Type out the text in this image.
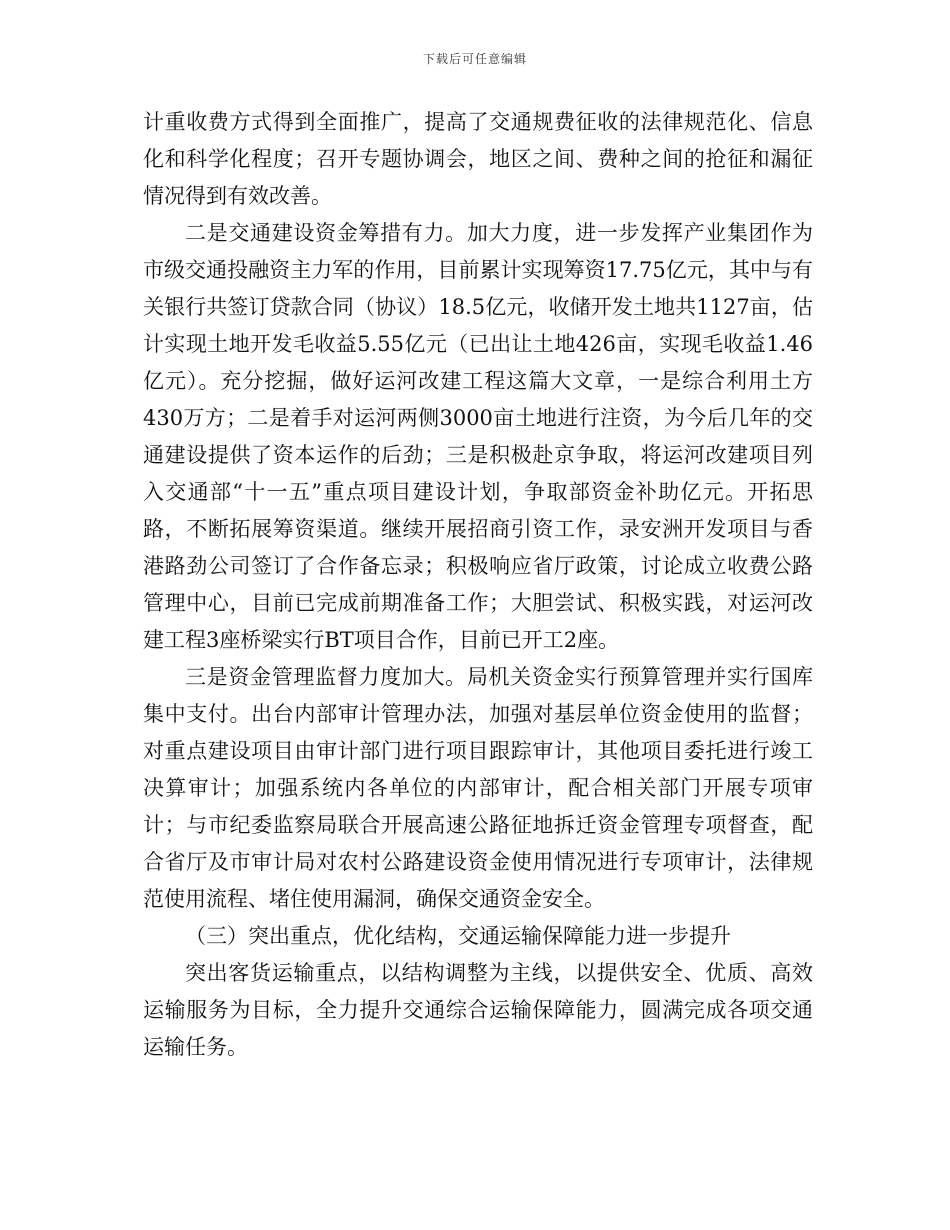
下载后可任意编辑

计重收费方式得到全面推广，提高了交通规费征收的法律规范化、信息化和科学化程度；召开专题协调会，地区之间、费种之间的抢征和漏征情况得到有效改善。

二是交通建设资金筹措有力。加大力度，进一步发挥产业集团作为市级交通投融资主力军的作用，目前累计实现筹资17.75亿元，其中与有关银行共签订贷款合同（协议）18.5亿元，收储开发土地共1127亩，估计实现土地开发毛收益5.55亿元（已出让土地426亩，实现毛收益1.46亿元）。充分挖掘，做好运河改建工程这篇大文章，一是综合利用土方430万方；二是着手对运河两侧3000亩土地进行注资，为今后几年的交通建设提供了资本运作的后劲；三是积极赴京争取，将运河改建项目列入交通部“十一五”重点项目建设计划，争取部资金补助亿元。开拓思路，不断拓展筹资渠道。继续开展招商引资工作，录安洲开发项目与香港路劲公司签订了合作备忘录；积极响应省厅政策，讨论成立收费公路管理中心，目前已完成前期准备工作；大胆尝试、积极实践，对运河改建工程3座桥梁实行BT项目合作，目前已开工2座。

三是资金管理监督力度加大。局机关资金实行预算管理并实行国库集中支付。出台内部审计管理办法，加强对基层单位资金使用的监督；对重点建设项目由审计部门进行项目跟踪审计，其他项目委托进行竣工决算审计；加强系统内各单位的内部审计，配合相关部门开展专项审计；与市纪委监察局联合开展高速公路征地拆迁资金管理专项督查，配合省厅及市审计局对农村公路建设资金使用情况进行专项审计，法律规范使用流程、堵住使用漏洞，确保交通资金安全。

（三）突出重点，优化结构，交通运输保障能力进一步提升

突出客货运输重点，以结构调整为主线，以提供安全、优质、高效运输服务为目标，全力提升交通综合运输保障能力，圆满完成各项交通运输任务。
